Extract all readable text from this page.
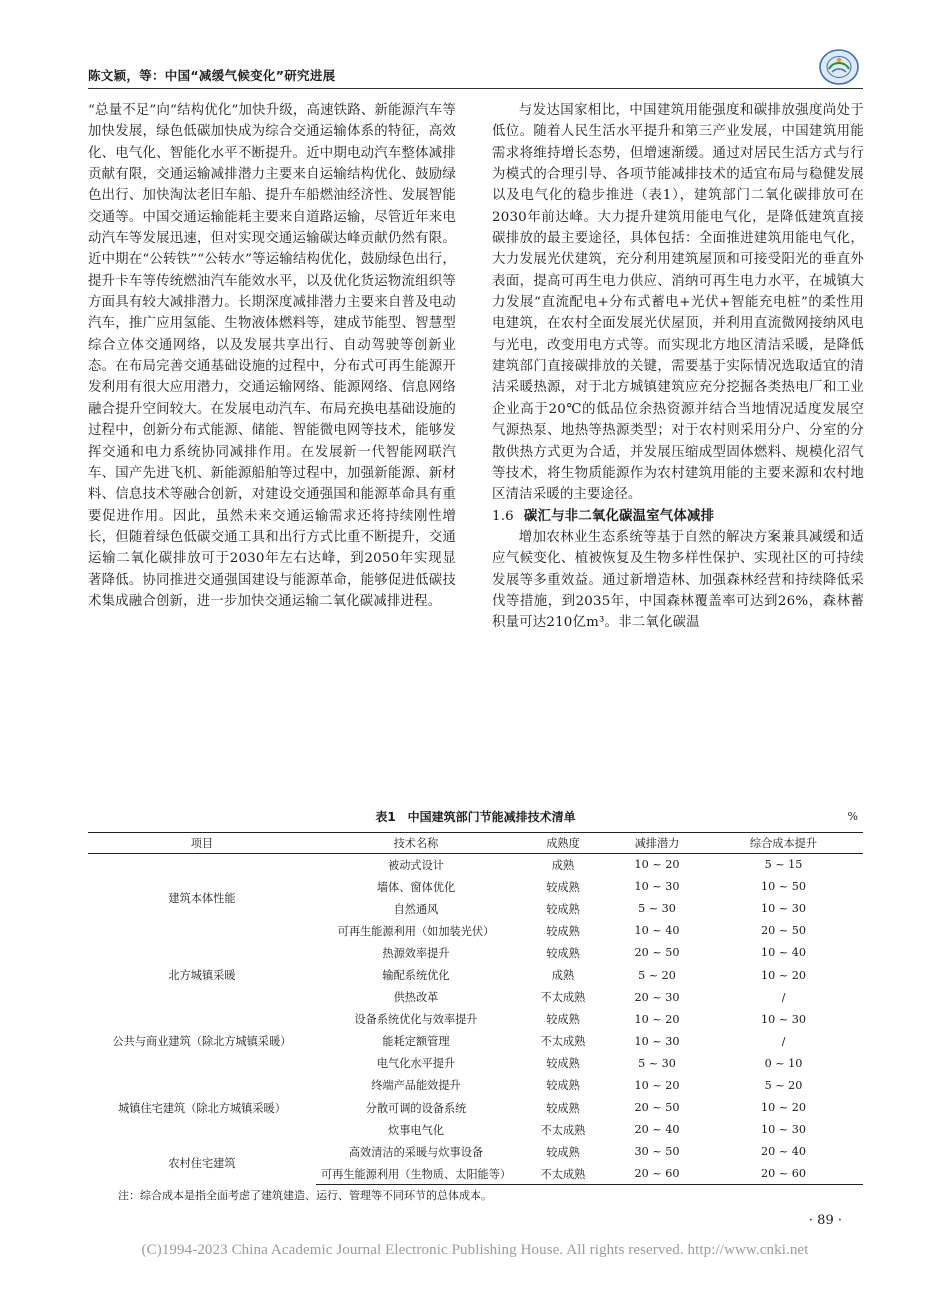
陈文颖，等：中国“减缓气候变化”研究进展

“总量不足”向“结构优化”加快升级，高速铁路、新能源汽车等加快发展，绿色低碳加快成为综合交通运输体系的特征，高效化、电气化、智能化水平不断提升。近中期电动汽车整体减排贡献有限，交通运输减排潜力主要来自运输结构优化、鼓励绿色出行、加快淘汰老旧车船、提升车船燃油经济性、发展智能交通等。中国交通运输能耗主要来自道路运输，尽管近年来电动汽车等发展迅速，但对实现交通运输碳达峰贡献仍然有限。近中期在“公转铁”“公转水”等运输结构优化，鼓励绿色出行，提升卡车等传统燃油汽车能效水平，以及优化货运物流组织等方面具有较大减排潜力。长期深度减排潜力主要来自普及电动汽车，推广应用氢能、生物液体燃料等，建成节能型、智慧型综合立体交通网络，以及发展共享出行、自动驾驶等创新业态。在布局完善交通基础设施的过程中，分布式可再生能源开发利用有很大应用潜力，交通运输网络、能源网络、信息网络融合提升空间较大。在发展电动汽车、布局充换电基础设施的过程中，创新分布式能源、储能、智能微电网等技术，能够发挥交通和电力系统协同减排作用。在发展新一代智能网联汽车、国产先进飞机、新能源船舶等过程中，加强新能源、新材料、信息技术等融合创新，对建设交通强国和能源革命具有重要促进作用。因此，虽然未来交通运输需求还将持续刚性增长，但随着绿色低碳交通工具和出行方式比重不断提升，交通运输二氧化碳排放可于2030年左右达峰，到2050年实现显著降低。协同推进交通强国建设与能源革命，能够促进低碳技术集成融合创新，进一步加快交通运输二氧化碳减排进程。

与发达国家相比，中国建筑用能强度和碳排放强度尚处于低位。随着人民生活水平提升和第三产业发展，中国建筑用能需求将维持增长态势，但增速渐缓。通过对居民生活方式与行为模式的合理引导、各项节能减排技术的适宜布局与稳健发展以及电气化的稳步推进（表1），建筑部门二氧化碳排放可在2030年前达峰。大力提升建筑用能电气化，是降低建筑直接碳排放的最主要途径，具体包括：全面推进建筑用能电气化，大力发展光伏建筑，充分利用建筑屋顶和可接受阳光的垂直外表面，提高可再生电力供应、消纳可再生电力水平，在城镇大力发展“直流配电+分布式蓄电+光伏+智能充电桩”的柔性用电建筑，在农村全面发展光伏屋顶，并利用直流微网接纳风电与光电，改变用电方式等。而实现北方地区清洁采暖，是降低建筑部门直接碳排放的关键，需要基于实际情况选取适宜的清洁采暖热源，对于北方城镇建筑应充分挖掘各类热电厂和工业企业高于20℃的低品位余热资源并结合当地情况适度发展空气源热泵、地热等热源类型；对于农村则采用分户、分室的分散供热方式更为合适，并发展压缩成型固体燃料、规模化沼气等技术，将生物质能源作为农村建筑用能的主要来源和农村地区清洁采暖的主要途径。

1.6 碳汇与非二氧化碳温室气体减排

增加农林业生态系统等基于自然的解决方案兼具减缓和适应气候变化、植被恢复及生物多样性保护、实现社区的可持续发展等多重效益。通过新增造林、加强森林经营和持续降低采伐等措施，到2035年，中国森林覆盖率可达到26%，森林蓄积量可达210亿m³。非二氧化碳温

表1　中国建筑部门节能减排技术清单	%
项目	技术名称	成熟度	减排潜力	综合成本提升
建筑本体性能	被动式设计	成熟	10 ~ 20	5 ~ 15
	墙体、窗体优化	较成熟	10 ~ 30	10 ~ 50
	自然通风	较成熟	5 ~ 30	10 ~ 30
	可再生能源利用（如加装光伏）	较成熟	10 ~ 40	20 ~ 50
北方城镇采暖	热源效率提升	较成熟	20 ~ 50	10 ~ 40
	输配系统优化	成熟	5 ~ 20	10 ~ 20
	供热改革	不太成熟	20 ~ 30	/
公共与商业建筑（除北方城镇采暖）	设备系统优化与效率提升	较成熟	10 ~ 20	10 ~ 30
	能耗定额管理	不太成熟	10 ~ 30	/
	电气化水平提升	较成熟	5 ~ 30	0 ~ 10
城镇住宅建筑（除北方城镇采暖）	终端产品能效提升	较成熟	10 ~ 20	5 ~ 20
	分散可调的设备系统	较成熟	20 ~ 50	10 ~ 20
	炊事电气化	不太成熟	20 ~ 40	10 ~ 30
农村住宅建筑	高效清洁的采暖与炊事设备	较成熟	30 ~ 50	20 ~ 40
	可再生能源利用（生物质、太阳能等）	不太成熟	20 ~ 60	20 ~ 60
注：综合成本是指全面考虑了建筑建造、运行、管理等不同环节的总体成本。
· 89 ·
(C)1994-2023 China Academic Journal Electronic Publishing House. All rights reserved. http://www.cnki.net
